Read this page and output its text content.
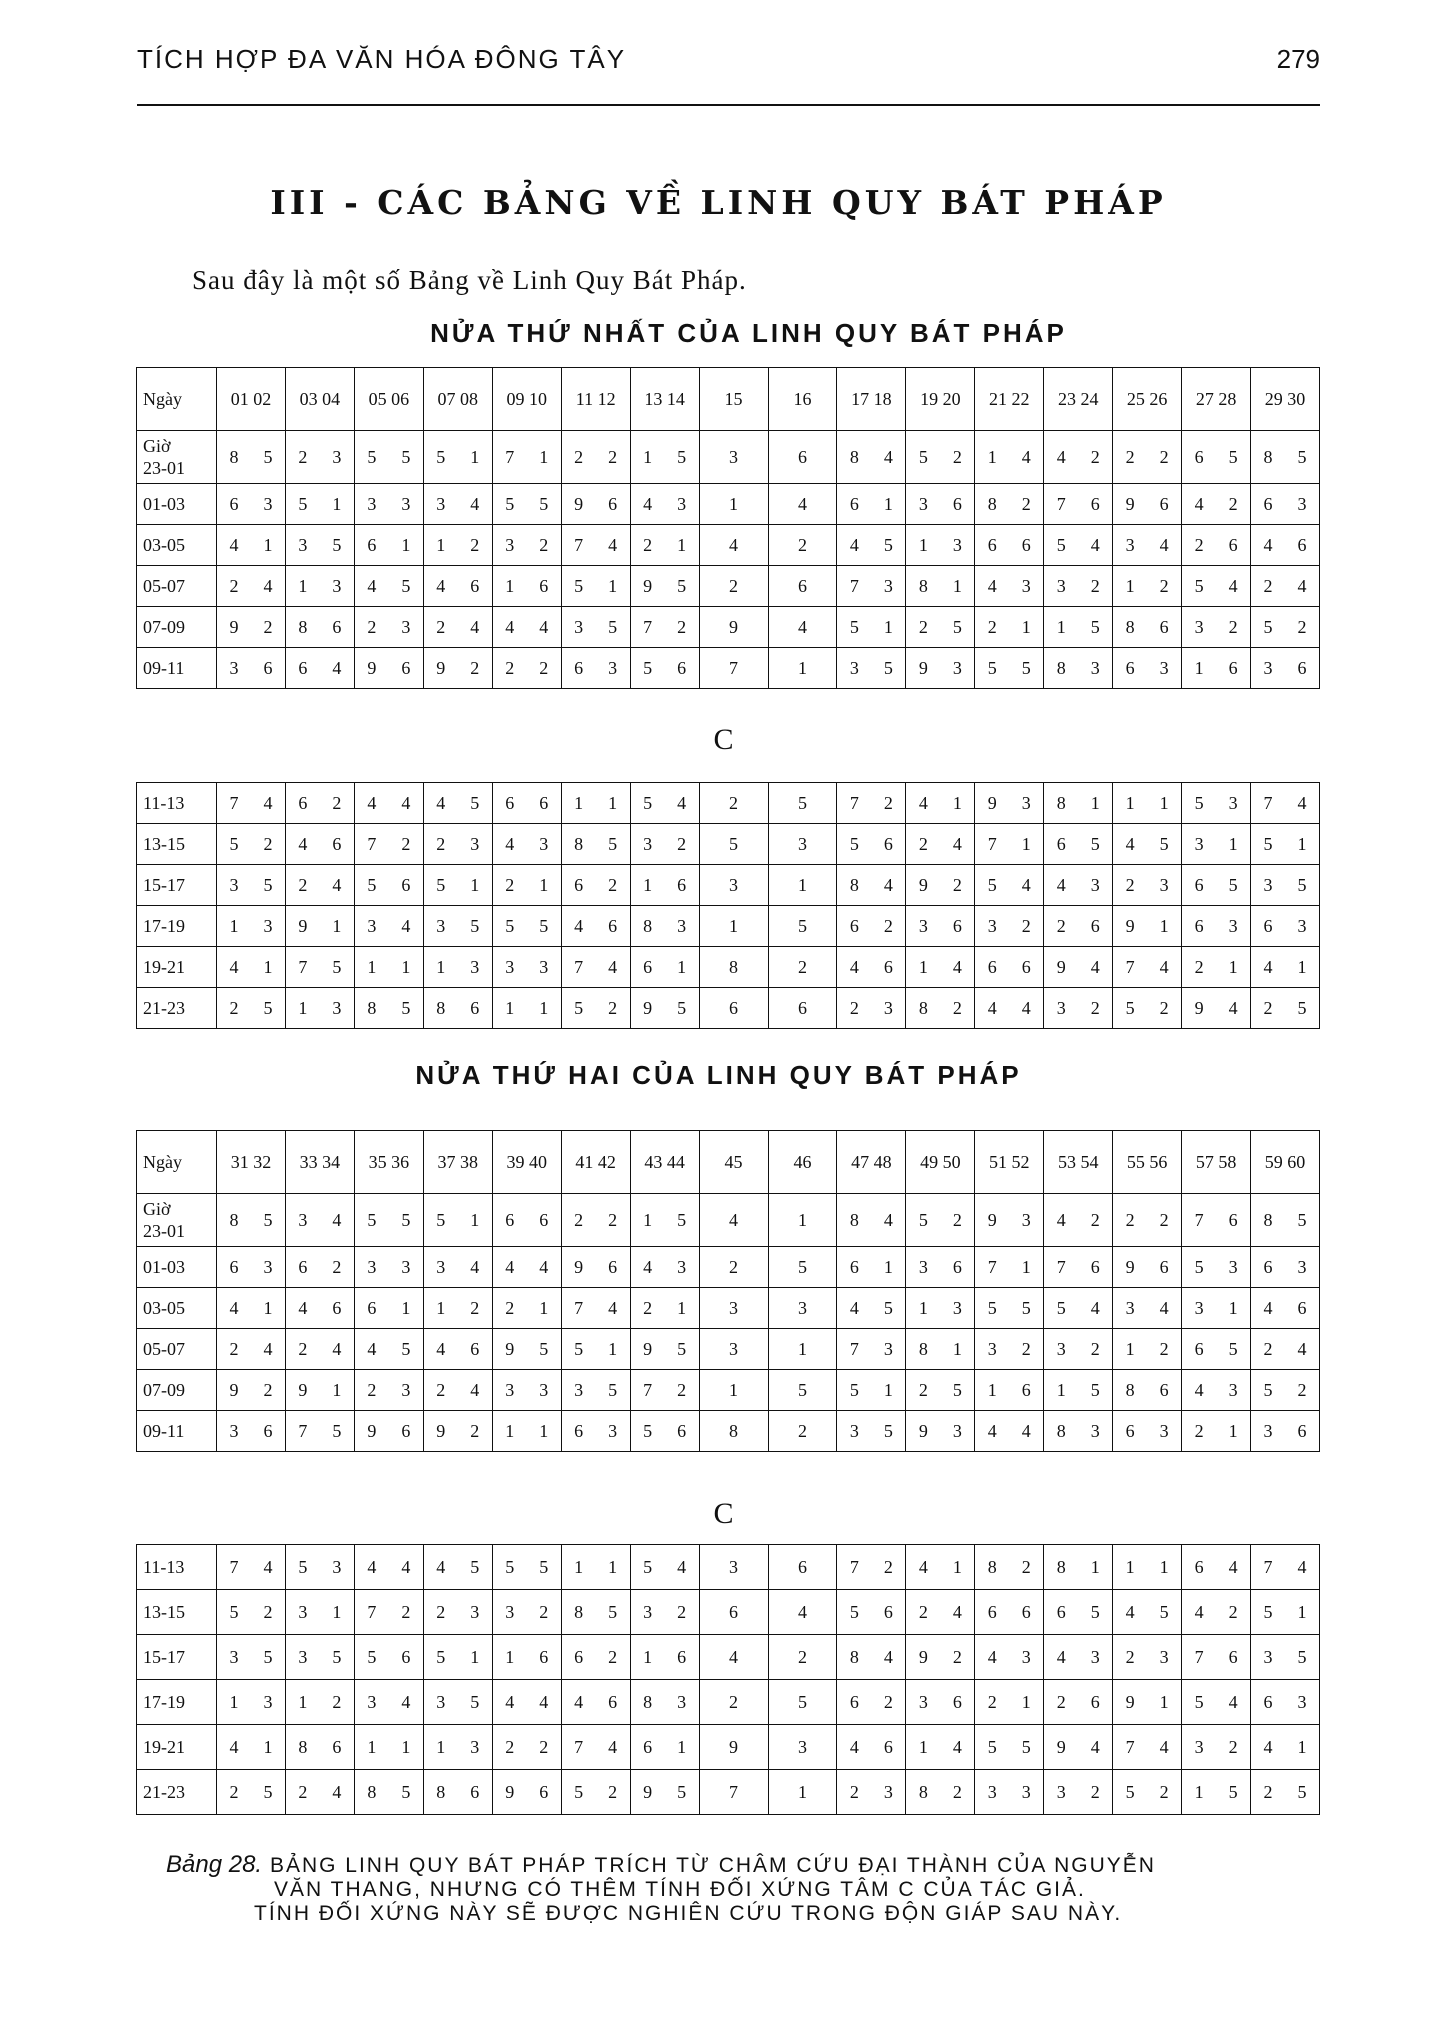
TÍCH HỢP ĐA VĂN HÓA ĐÔNG TÂY	279
III - CÁC BẢNG VỀ LINH QUY BÁT PHÁP
Sau đây là một số Bảng về Linh Quy Bát Pháp.
NỬA THỨ NHẤT CỦA LINH QUY BÁT PHÁP
Ngày	01 02	03 04	05 06	07 08	09 10	11 12	13 14	15	16	17 18	19 20	21 22	23 24	25 26	27 28	29 30
Giờ
23-01	8 5	2 3	5 5	5 1	7 1	2 2	1 5	3	6	8 4	5 2	1 4	4 2	2 2	6 5	8 5

01-03	6 3	5 1	3 3	3 4	5 5	9 6	4 3	1	4	6 1	3 6	8 2	7 6	9 6	4 2	6 3

03-05	4 1	3 5	6 1	1 2	3 2	7 4	2 1	4	2	4 5	1 3	6 6	5 4	3 4	2 6	4 6

05-07	2 4	1 3	4 5	4 6	1 6	5 1	9 5	2	6	7 3	8 1	4 3	3 2	1 2	5 4	2 4

07-09	9 2	8 6	2 3	2 4	4 4	3 5	7 2	9	4	5 1	2 5	2 1	1 5	8 6	3 2	5 2

09-11	3 6	6 4	9 6	9 2	2 2	6 3	5 6	7	1	3 5	9 3	5 5	8 3	6 3	1 6	3 6
C
11-13	7 4	6 2	4 4	4 5	6 6	1 1	5 4	2	5	7 2	4 1	9 3	8 1	1 1	5 3	7 4

13-15	5 2	4 6	7 2	2 3	4 3	8 5	3 2	5	3	5 6	2 4	7 1	6 5	4 5	3 1	5 1

15-17	3 5	2 4	5 6	5 1	2 1	6 2	1 6	3	1	8 4	9 2	5 4	4 3	2 3	6 5	3 5

17-19	1 3	9 1	3 4	3 5	5 5	4 6	8 3	1	5	6 2	3 6	3 2	2 6	9 1	6 3	6 3

19-21	4 1	7 5	1 1	1 3	3 3	7 4	6 1	8	2	4 6	1 4	6 6	9 4	7 4	2 1	4 1

21-23	2 5	1 3	8 5	8 6	1 1	5 2	9 5	6	6	2 3	8 2	4 4	3 2	5 2	9 4	2 5
NỬA THỨ HAI CỦA LINH QUY BÁT PHÁP
Ngày	31 32	33 34	35 36	37 38	39 40	41 42	43 44	45	46	47 48	49 50	51 52	53 54	55 56	57 58	59 60
Giờ
23-01	8 5	3 4	5 5	5 1	6 6	2 2	1 5	4	1	8 4	5 2	9 3	4 2	2 2	7 6	8 5

01-03	6 3	6 2	3 3	3 4	4 4	9 6	4 3	2	5	6 1	3 6	7 1	7 6	9 6	5 3	6 3

03-05	4 1	4 6	6 1	1 2	2 1	7 4	2 1	3	3	4 5	1 3	5 5	5 4	3 4	3 1	4 6

05-07	2 4	2 4	4 5	4 6	9 5	5 1	9 5	3	1	7 3	8 1	3 2	3 2	1 2	6 5	2 4

07-09	9 2	9 1	2 3	2 4	3 3	3 5	7 2	1	5	5 1	2 5	1 6	1 5	8 6	4 3	5 2

09-11	3 6	7 5	9 6	9 2	1 1	6 3	5 6	8	2	3 5	9 3	4 4	8 3	6 3	2 1	3 6
C
11-13	7 4	5 3	4 4	4 5	5 5	1 1	5 4	3	6	7 2	4 1	8 2	8 1	1 1	6 4	7 4

13-15	5 2	3 1	7 2	2 3	3 2	8 5	3 2	6	4	5 6	2 4	6 6	6 5	4 5	4 2	5 1

15-17	3 5	3 5	5 6	5 1	1 6	6 2	1 6	4	2	8 4	9 2	4 3	4 3	2 3	7 6	3 5

17-19	1 3	1 2	3 4	3 5	4 4	4 6	8 3	2	5	6 2	3 6	2 1	2 6	9 1	5 4	6 3

19-21	4 1	8 6	1 1	1 3	2 2	7 4	6 1	9	3	4 6	1 4	5 5	9 4	7 4	3 2	4 1

21-23	2 5	2 4	8 5	8 6	9 6	5 2	9 5	7	1	2 3	8 2	3 3	3 2	5 2	1 5	2 5
Bảng 28. BẢNG LINH QUY BÁT PHÁP TRÍCH TỪ CHÂM CỨU ĐẠI THÀNH CỦA NGUYỄN
VĂN THANG, NHƯNG CÓ THÊM TÍNH ĐỐI XỨNG TÂM C CỦA TÁC GIẢ.
TÍNH ĐỐI XỨNG NÀY SẼ ĐƯỢC NGHIÊN CỨU TRONG ĐỘN GIÁP SAU NÀY.
